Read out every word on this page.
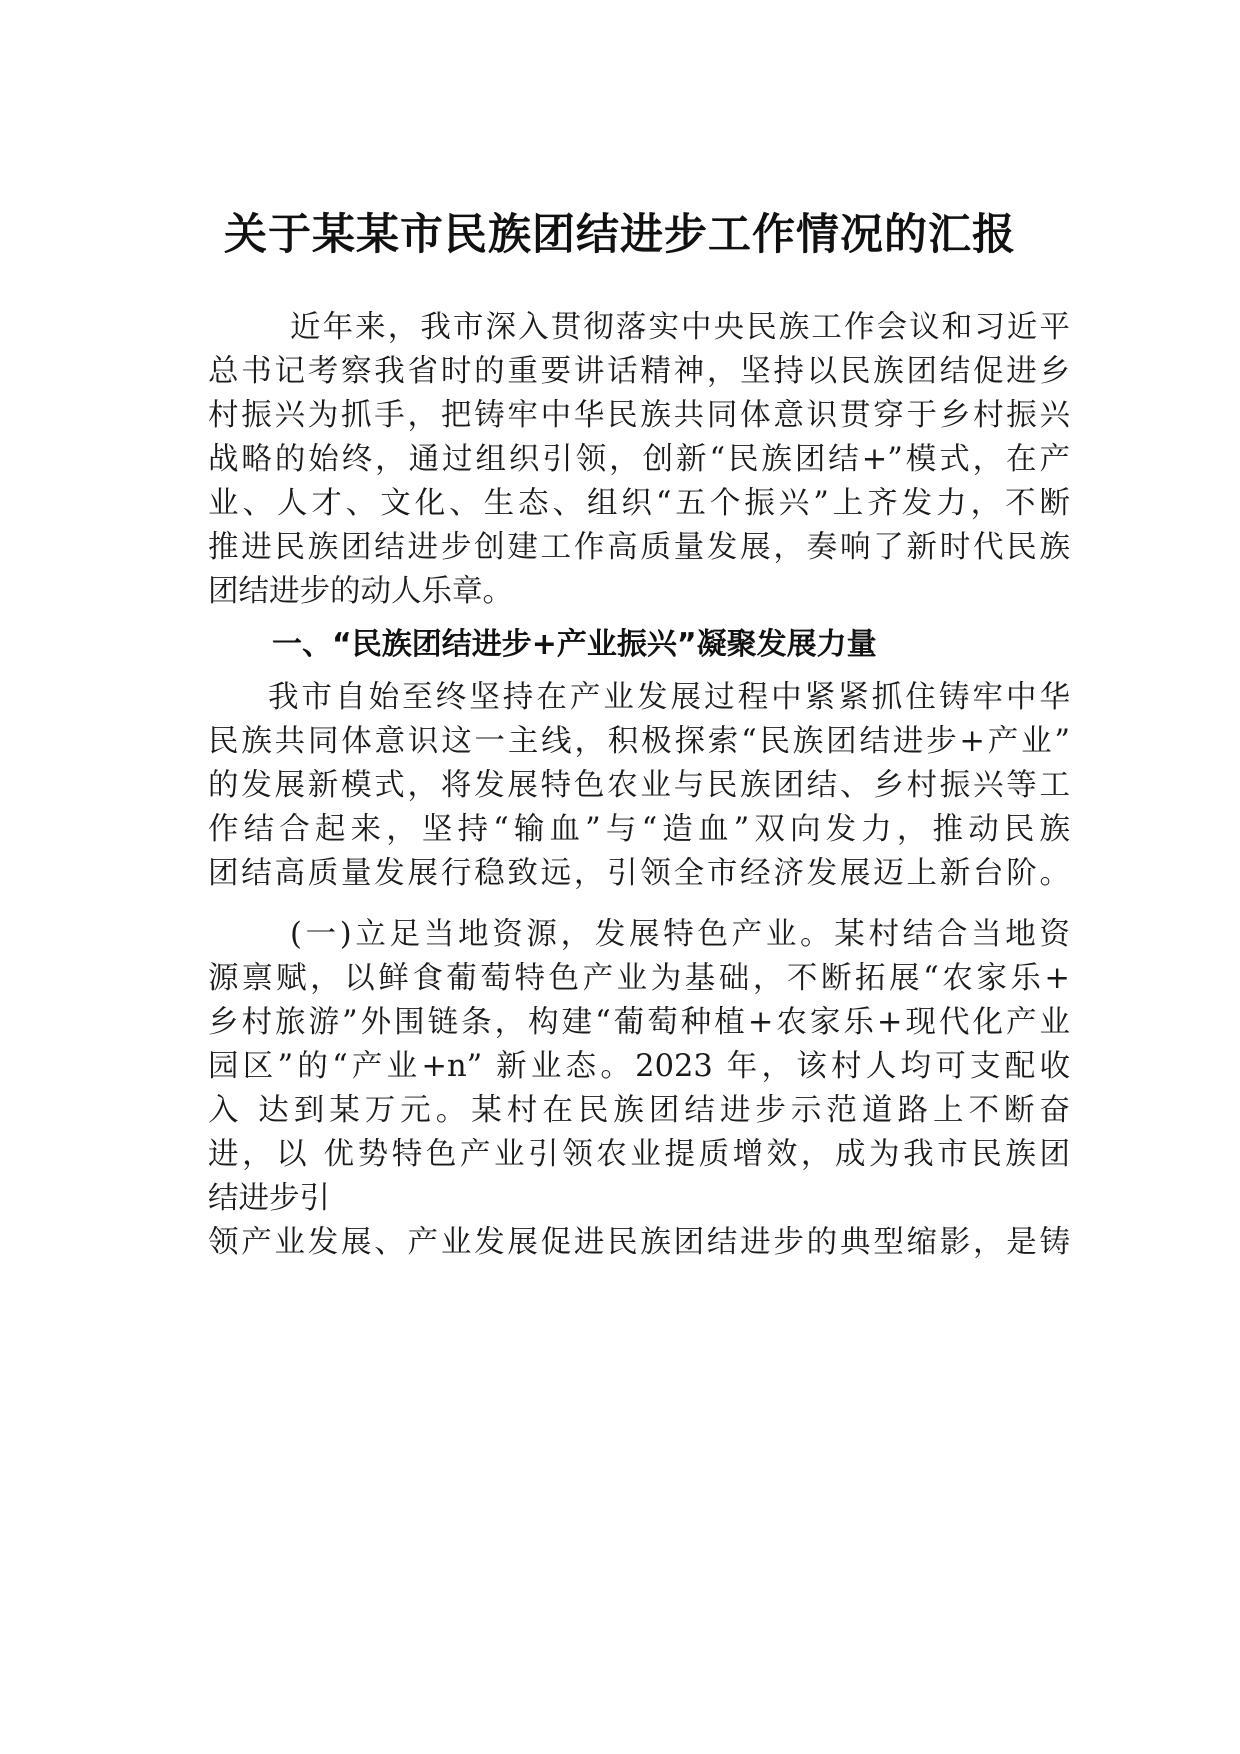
关于某某市民族团结进步工作情况的汇报
近年来，我市深入贯彻落实中央民族工作会议和习近平
总书记考察我省时的重要讲话精神，坚持以民族团结促进乡
村振兴为抓手，把铸牢中华民族共同体意识贯穿于乡村振兴
战略的始终，通过组织引领，创新“民族团结+”模式，在产
业、人才、文化、生态、组织“五个振兴”上齐发力，不断
推进民族团结进步创建工作高质量发展，奏响了新时代民族
团结进步的动人乐章。
一、“民族团结进步+产业振兴”凝聚发展力量
我市自始至终坚持在产业发展过程中紧紧抓住铸牢中华
民族共同体意识这一主线，积极探索“民族团结进步+产业”
的发展新模式，将发展特色农业与民族团结、乡村振兴等工
作结合起来，坚持“输血”与“造血”双向发力，推动民族
团结高质量发展行稳致远，引领全市经济发展迈上新台阶。
(一)立足当地资源，发展特色产业。某村结合当地资
源禀赋，以鲜食葡萄特色产业为基础，不断拓展“农家乐+
乡村旅游”外围链条，构建“葡萄种植+农家乐+现代化产业
园区”的“产业+n” 新业态。2023 年，该村人均可支配收
入 达到某万元。某村在民族团结进步示范道路上不断奋
进，以 优势特色产业引领农业提质增效，成为我市民族团
结进步引
领产业发展、产业发展促进民族团结进步的典型缩影，是铸
